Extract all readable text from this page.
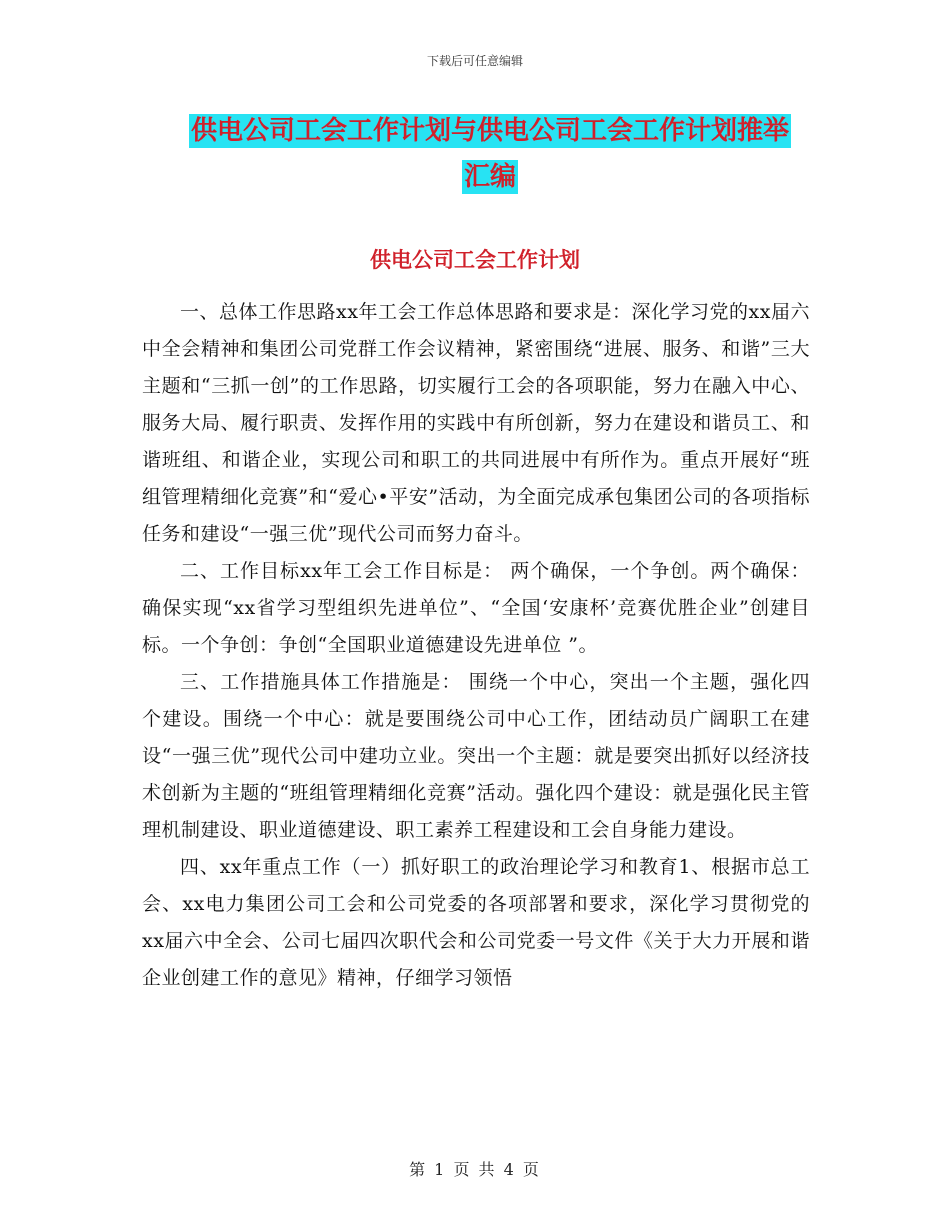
下载后可任意编辑
供电公司工会工作计划与供电公司工会工作计划推举
汇编
供电公司工会工作计划

一、总体工作思路xx年工会工作总体思路和要求是：深化学习党的xx届六中全会精神和集团公司党群工作会议精神，紧密围绕“进展、服务、和谐”三大主题和“三抓一创”的工作思路，切实履行工会的各项职能，努力在融入中心、服务大局、履行职责、发挥作用的实践中有所创新，努力在建设和谐员工、和谐班组、和谐企业，实现公司和职工的共同进展中有所作为。重点开展好“班组管理精细化竞赛”和“爱心•平安”活动，为全面完成承包集团公司的各项指标任务和建设“一强三优”现代公司而努力奋斗。

二、工作目标xx年工会工作目标是： 两个确保，一个争创。两个确保：确保实现“xx省学习型组织先进单位”、“全国‘安康杯’竞赛优胜企业”创建目标。一个争创：争创“全国职业道德建设先进单位 ”。

三、工作措施具体工作措施是： 围绕一个中心，突出一个主题，强化四个建设。围绕一个中心：就是要围绕公司中心工作，团结动员广阔职工在建设“一强三优”现代公司中建功立业。突出一个主题：就是要突出抓好以经济技术创新为主题的“班组管理精细化竞赛”活动。强化四个建设：就是强化民主管理机制建设、职业道德建设、职工素养工程建设和工会自身能力建设。

四、xx年重点工作（一）抓好职工的政治理论学习和教育1、根据市总工会、xx电力集团公司工会和公司党委的各项部署和要求，深化学习贯彻党的xx届六中全会、公司七届四次职代会和公司党委一号文件《关于大力开展和谐企业创建工作的意见》精神，仔细学习领悟

第 1 页 共 4 页
